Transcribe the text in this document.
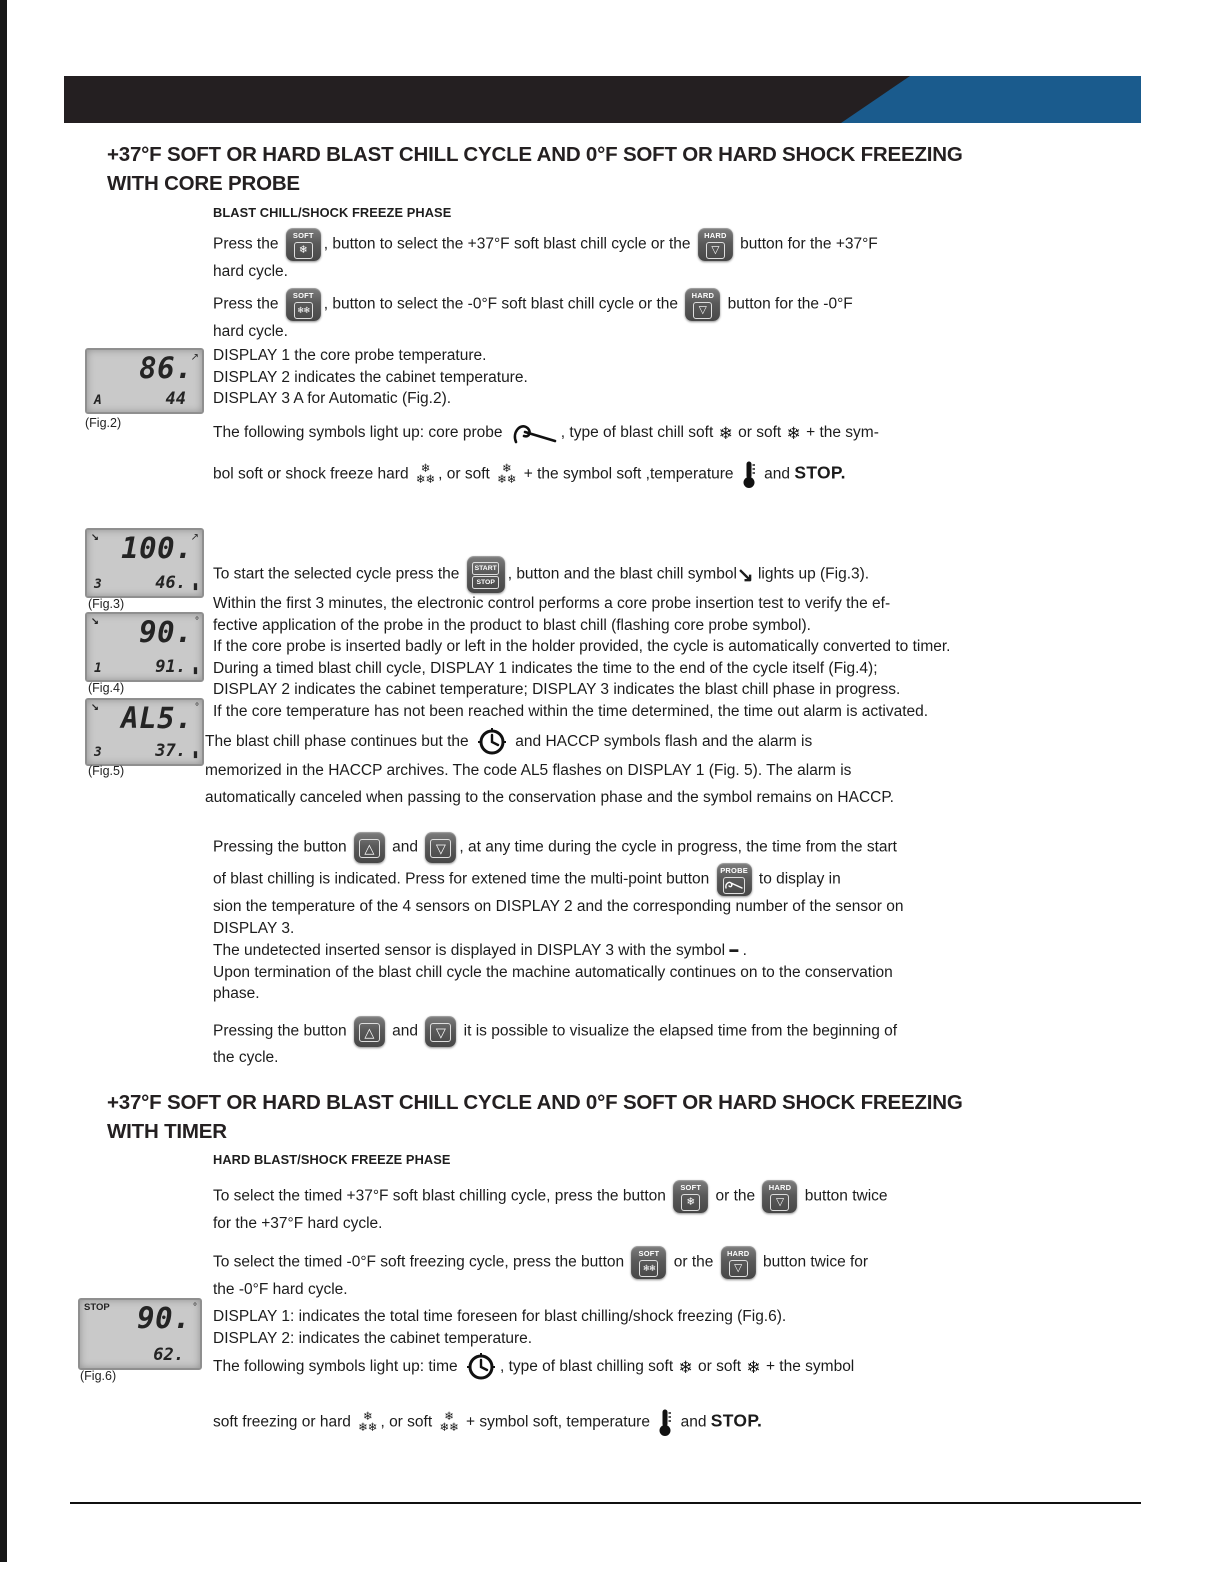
+37°F SOFT OR HARD BLAST CHILL CYCLE AND 0°F SOFT OR HARD SHOCK FREEZING
WITH CORE PROBE
BLAST CHILL/SHOCK FREEZE PHASE
Press the
SOFT
❄ , button to select the +37°F soft blast chill cycle or the
HARD
▽ button for the +37°F
hard cycle.
Press the
SOFT
❄❄ , button to select the -0°F soft blast chill cycle or the
HARD
▽ button for the -0°F
hard cycle.
DISPLAY 1 the core probe temperature.
DISPLAY 2 indicates the cabinet temperature.
DISPLAY 3 A for Automatic (Fig.2).
The following symbols light up: core probe	, type of blast chill soft ❄ or soft ❄ + the sym-
bol soft or shock freeze hard ❄
❄❄ , or soft ❄
❄❄ + the symbol soft ,temperature  and STOP.
To start the selected cycle press the	START
STOP , button and the blast chill symbol↘ lights up (Fig.3).
Within the first 3 minutes, the electronic control performs a core probe insertion test to verify the ef-
fective application of the probe in the product to blast chill (flashing core probe symbol).
If the core probe is inserted badly or left in the holder provided, the cycle is automatically converted to timer.
During a timed blast chill cycle, DISPLAY 1 indicates the time to the end of the cycle itself (Fig.4);
DISPLAY 2 indicates the cabinet temperature; DISPLAY 3 indicates the blast chill phase in progress.
If the core temperature has not been reached within the time determined, the time out alarm is activated.
The blast chill phase continues but the  and HACCP symbols flash and the alarm is
memorized in the HACCP archives. The code AL5 flashes on DISPLAY 1 (Fig. 5). The alarm is
automatically canceled when passing to the conservation phase and the symbol remains on HACCP.
Pressing the button △ and ▽ , at any time during the cycle in progress, the time from the start
of blast chilling is indicated. Press for extened time the multi-point button
PROBE
to display in
sion the temperature of the 4 sensors on DISPLAY 2 and the corresponding number of the sensor on
DISPLAY 3.
The undetected inserted sensor is displayed in DISPLAY 3 with the symbol ▬ .
Upon termination of the blast chill cycle the machine automatically continues on to the conservation
phase.
Pressing the button △ and ▽ it is possible to visualize the elapsed time from the beginning of
the cycle.
+37°F SOFT OR HARD BLAST CHILL CYCLE AND 0°F SOFT OR HARD SHOCK FREEZING
WITH TIMER
HARD BLAST/SHOCK FREEZE PHASE
To select the timed +37°F soft blast chilling cycle, press the button
SOFT
❄ or the
HARD
▽ button twice
for the +37°F hard cycle.
To select the timed -0°F soft freezing cycle, press the button
SOFT
❄❄ or the
HARD
▽ button twice for
the -0°F hard cycle.
DISPLAY 1: indicates the total time foreseen for blast chilling/shock freezing (Fig.6).
DISPLAY 2: indicates the cabinet temperature.
The following symbols light up: time , type of blast chilling soft ❄ or soft ❄ + the symbol
soft freezing or hard ❄
❄❄ , or soft ❄
❄❄ + symbol soft, temperature  and STOP.
↗
86.
A	44
(Fig.2)
↘	↗
100.
3	46. ▮
(Fig.3)
↘	°
90.
1	91. ▮
(Fig.4)
↘	°
AL5.
3	37. ▮
(Fig.5)
STOP	°
90.
62.
(Fig.6)
